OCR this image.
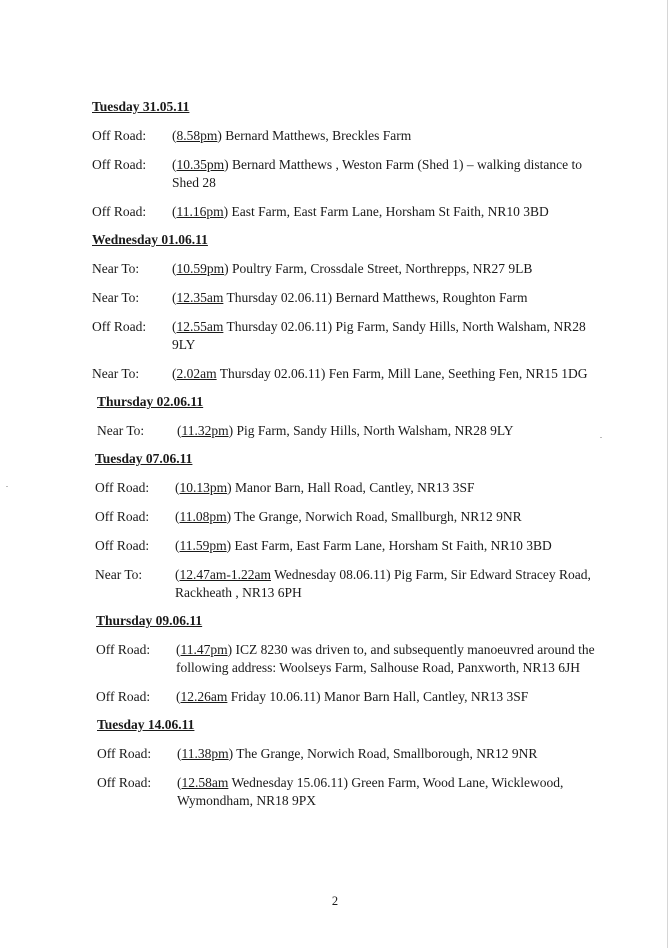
Tuesday 31.05.11
Off Road:	(8.58pm) Bernard Matthews, Breckles Farm
Off Road:	(10.35pm) Bernard Matthews , Weston Farm (Shed 1) – walking distance to Shed 28
Off Road:	(11.16pm) East Farm, East Farm Lane, Horsham St Faith, NR10 3BD
Wednesday 01.06.11
Near To:	(10.59pm) Poultry Farm, Crossdale Street, Northrepps, NR27 9LB
Near To:	(12.35am Thursday 02.06.11) Bernard Matthews, Roughton Farm
Off Road:	(12.55am Thursday 02.06.11) Pig Farm, Sandy Hills, North Walsham, NR28 9LY
Near To:	(2.02am Thursday 02.06.11) Fen Farm, Mill Lane, Seething Fen, NR15 1DG
Thursday 02.06.11
Near To:	(11.32pm) Pig Farm, Sandy Hills, North Walsham, NR28 9LY
Tuesday 07.06.11
Off Road:	(10.13pm) Manor Barn, Hall Road, Cantley, NR13 3SF
Off Road:	(11.08pm) The Grange, Norwich Road, Smallburgh, NR12 9NR
Off Road:	(11.59pm) East Farm, East Farm Lane, Horsham St Faith, NR10 3BD
Near To:	(12.47am-1.22am Wednesday 08.06.11) Pig Farm, Sir Edward Stracey Road, Rackheath , NR13 6PH
Thursday 09.06.11
Off Road:	(11.47pm) ICZ 8230 was driven to, and subsequently manoeuvred around the following address: Woolseys Farm, Salhouse Road, Panxworth, NR13 6JH
Off Road:	(12.26am Friday 10.06.11) Manor Barn Hall, Cantley, NR13 3SF
Tuesday 14.06.11
Off Road:	(11.38pm) The Grange, Norwich Road, Smallborough, NR12 9NR
Off Road:	(12.58am Wednesday 15.06.11) Green Farm, Wood Lane, Wicklewood, Wymondham, NR18 9PX
2
